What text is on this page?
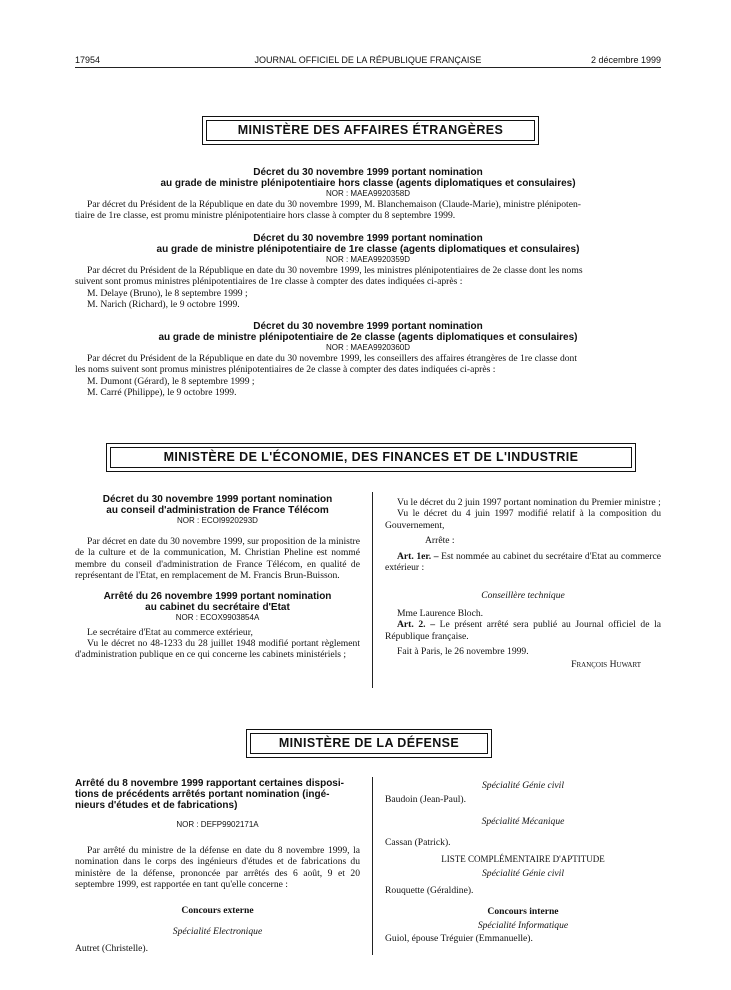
17954	JOURNAL OFFICIEL DE LA RÉPUBLIQUE FRANÇAISE	2 décembre 1999
MINISTÈRE DES AFFAIRES ÉTRANGÈRES
Décret du 30 novembre 1999 portant nomination
au grade de ministre plénipotentiaire hors classe (agents diplomatiques et consulaires)
NOR : MAEA9920358D
Par décret du Président de la République en date du 30 novembre 1999, M. Blanchemaison (Claude-Marie), ministre plénipoten-
tiaire de 1re classe, est promu ministre plénipotentiaire hors classe à compter du 8 septembre 1999.
Décret du 30 novembre 1999 portant nomination
au grade de ministre plénipotentiaire de 1re classe (agents diplomatiques et consulaires)
NOR : MAEA9920359D
Par décret du Président de la République en date du 30 novembre 1999, les ministres plénipotentiaires de 2e classe dont les noms
suivent sont promus ministres plénipotentiaires de 1re classe à compter des dates indiquées ci-après :
M. Delaye (Bruno), le 8 septembre 1999 ;
M. Narich (Richard), le 9 octobre 1999.
Décret du 30 novembre 1999 portant nomination
au grade de ministre plénipotentiaire de 2e classe (agents diplomatiques et consulaires)
NOR : MAEA9920360D
Par décret du Président de la République en date du 30 novembre 1999, les conseillers des affaires étrangères de 1re classe dont
les noms suivent sont promus ministres plénipotentiaires de 2e classe à compter des dates indiquées ci-après :
M. Dumont (Gérard), le 8 septembre 1999 ;
M. Carré (Philippe), le 9 octobre 1999.
MINISTÈRE DE L'ÉCONOMIE, DES FINANCES ET DE L'INDUSTRIE
Décret du 30 novembre 1999 portant nomination
au conseil d'administration de France Télécom
NOR : ECOI9920293D

Par décret en date du 30 novembre 1999, sur proposition de la ministre de la culture et de la communication, M. Christian Pheline est nommé membre du conseil d'administration de France Télécom, en qualité de représentant de l'Etat, en remplacement de M. Francis Brun-Buisson.

Arrêté du 26 novembre 1999 portant nomination
au cabinet du secrétaire d'Etat
NOR : ECOX9903854A

Le secrétaire d'Etat au commerce extérieur,

Vu le décret no 48-1233 du 28 juillet 1948 modifié portant règlement d'administration publique en ce qui concerne les cabinets ministériels ;

Vu le décret du 2 juin 1997 portant nomination du Premier ministre ;

Vu le décret du 4 juin 1997 modifié relatif à la composition du Gouvernement,

Arrête :

Art. 1er. – Est nommée au cabinet du secrétaire d'Etat au commerce extérieur :

Conseillère technique
Mme Laurence Bloch.

Art. 2. – Le présent arrêté sera publié au Journal officiel de la République française.

Fait à Paris, le 26 novembre 1999.
François Huwart
MINISTÈRE DE LA DÉFENSE
Arrêté du 8 novembre 1999 rapportant certaines disposi-
tions de précédents arrêtés portant nomination (ingé-
nieurs d'études et de fabrications)
NOR : DEFP9902171A

Par arrêté du ministre de la défense en date du 8 novembre 1999, la nomination dans le corps des ingénieurs d'études et de fabrications du ministère de la défense, prononcée par arrêtés des 6 août, 9 et 20 septembre 1999, est rapportée en tant qu'elle concerne :

Concours externe
Spécialité Electronique
Autret (Christelle).
Spécialité Génie civil
Baudoin (Jean-Paul).
Spécialité Mécanique
Cassan (Patrick).
LISTE COMPLÉMENTAIRE D'APTITUDE
Spécialité Génie civil
Rouquette (Géraldine).
Concours interne
Spécialité Informatique
Guiol, épouse Tréguier (Emmanuelle).
